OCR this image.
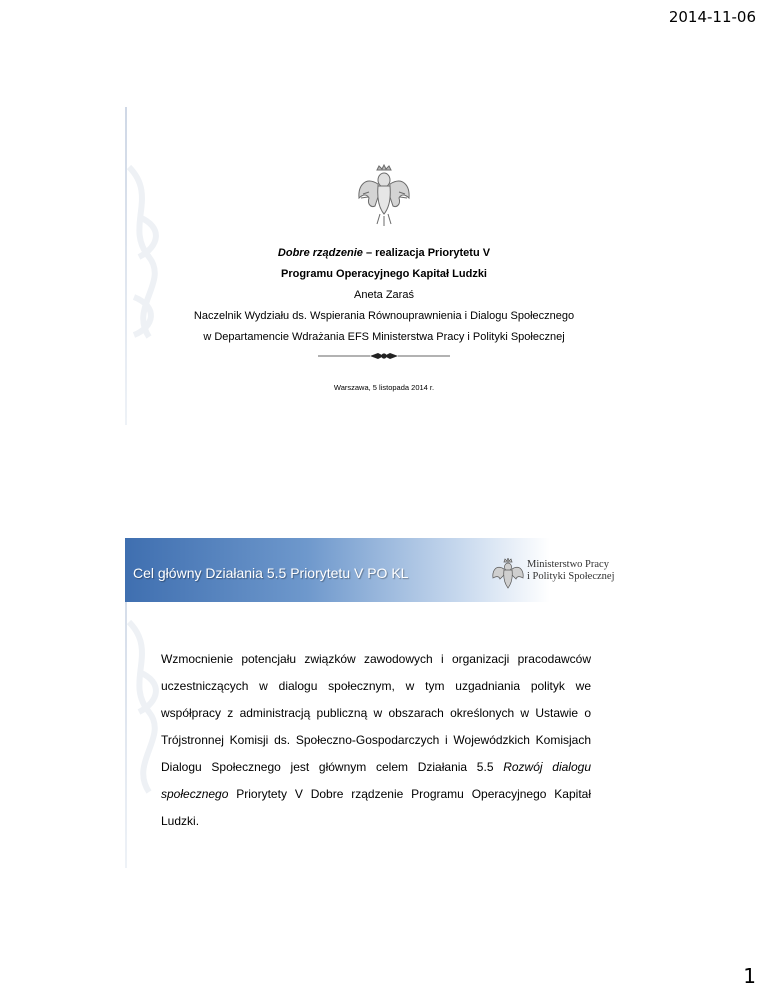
2014-11-06
Dobre rządzenie – realizacja Priorytetu V
Programu Operacyjnego Kapitał Ludzki
Aneta Zaraś
Naczelnik Wydziału ds. Wspierania Równouprawnienia i Dialogu Społecznego
w Departamencie Wdrażania EFS Ministerstwa Pracy i Polityki Społecznej
Warszawa, 5 listopada 2014 r.
Cel główny Działania 5.5 Priorytetu V PO KL
Ministerstwo Pracy
i Polityki Społecznej
Wzmocnienie potencjału związków zawodowych i organizacji pracodawców uczestniczących w dialogu społecznym, w tym uzgadniania polityk we współpracy z administracją publiczną w obszarach określonych w Ustawie o Trójstronnej Komisji ds. Społeczno-Gospodarczych i Wojewódzkich Komisjach Dialogu Społecznego jest głównym celem Działania 5.5 Rozwój dialogu społecznego Priorytety V Dobre rządzenie Programu Operacyjnego Kapitał Ludzki.
1
